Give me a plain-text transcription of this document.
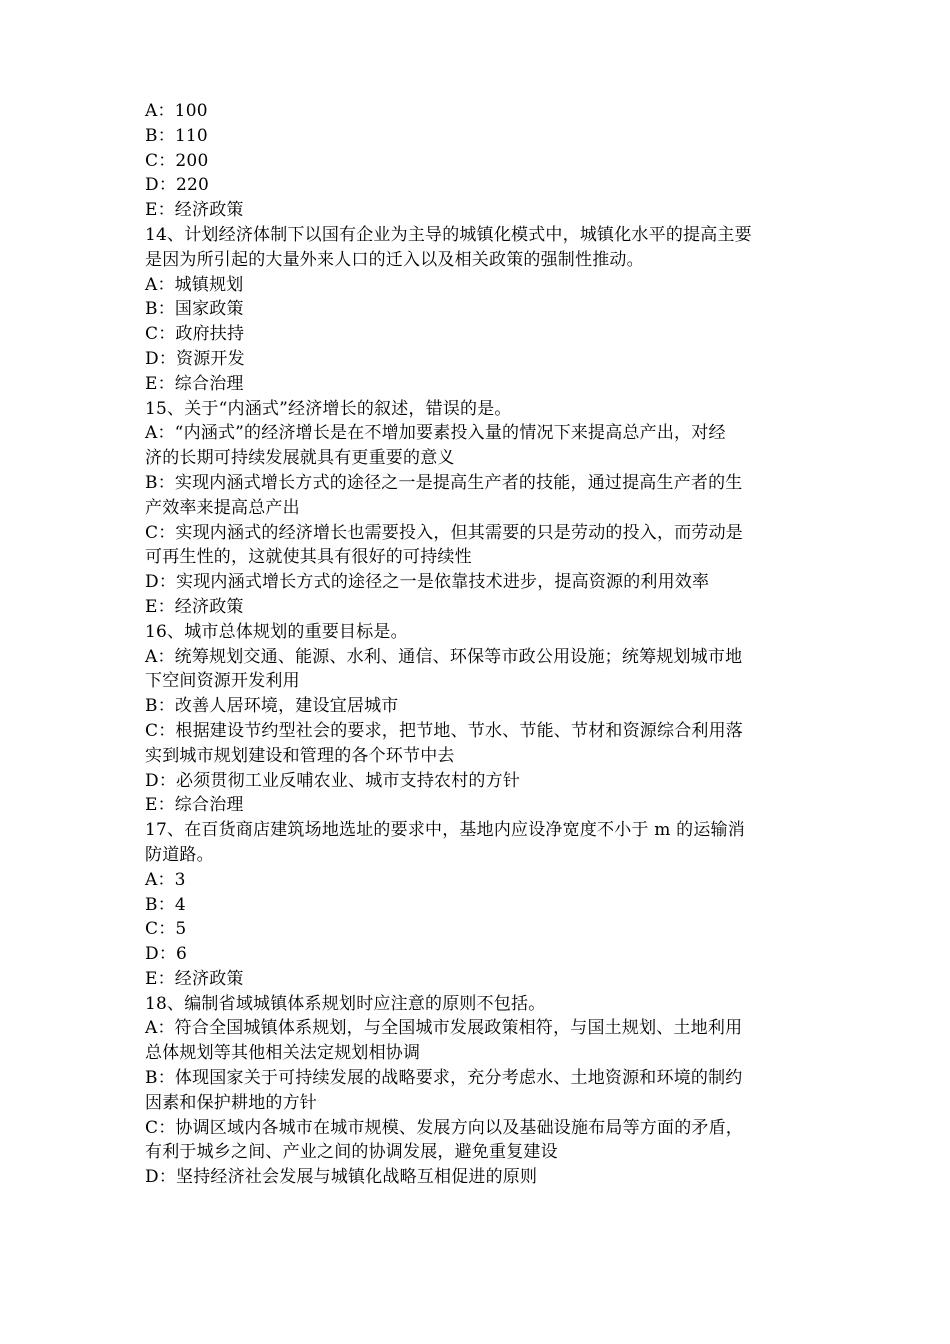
A：100
B：110
C：200
D：220
E：经济政策
14、计划经济体制下以国有企业为主导的城镇化模式中，城镇化水平的提高主要
是因为所引起的大量外来人口的迁入以及相关政策的强制性推动。
A：城镇规划
B：国家政策
C：政府扶持
D：资源开发
E：综合治理
15、关于“内涵式”经济增长的叙述，错误的是。
A：“内涵式”的经济增长是在不增加要素投入量的情况下来提高总产出，对经
济的长期可持续发展就具有更重要的意义
B：实现内涵式增长方式的途径之一是提高生产者的技能，通过提高生产者的生
产效率来提高总产出
C：实现内涵式的经济增长也需要投入，但其需要的只是劳动的投入，而劳动是
可再生性的，这就使其具有很好的可持续性
D：实现内涵式增长方式的途径之一是依靠技术进步，提高资源的利用效率
E：经济政策
16、城市总体规划的重要目标是。
A：统筹规划交通、能源、水利、通信、环保等市政公用设施；统筹规划城市地
下空间资源开发利用
B：改善人居环境，建设宜居城市
C：根据建设节约型社会的要求，把节地、节水、节能、节材和资源综合利用落
实到城市规划建设和管理的各个环节中去
D：必须贯彻工业反哺农业、城市支持农村的方针
E：综合治理
17、在百货商店建筑场地选址的要求中，基地内应设净宽度不小于 m 的运输消
防道路。
A：3
B：4
C：5
D：6
E：经济政策
18、编制省域城镇体系规划时应注意的原则不包括。
A：符合全国城镇体系规划，与全国城市发展政策相符，与国土规划、土地利用
总体规划等其他相关法定规划相协调
B：体现国家关于可持续发展的战略要求，充分考虑水、土地资源和环境的制约
因素和保护耕地的方针
C：协调区域内各城市在城市规模、发展方向以及基础设施布局等方面的矛盾，
有利于城乡之间、产业之间的协调发展，避免重复建设
D：坚持经济社会发展与城镇化战略互相促进的原则
